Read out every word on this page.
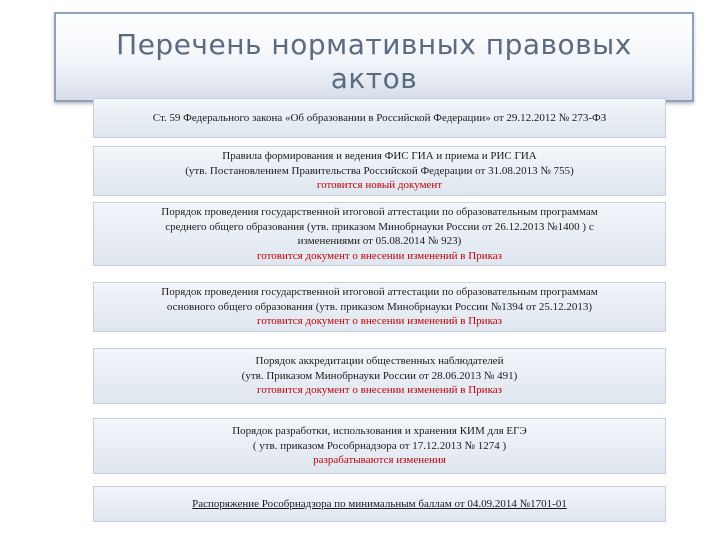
Перечень нормативных правовых
актов
Ст. 59 Федерального закона «Об образовании в Российской Федерации» от 29.12.2012 № 273-ФЗ
Правила формирования и ведения ФИС ГИА и приема и РИС ГИА
(утв. Постановлением Правительства Российской Федерации от 31.08.2013 № 755)
готовится новый документ
Порядок проведения государственной итоговой аттестации по образовательным программам
среднего общего образования (утв. приказом Минобрнауки России от 26.12.2013 №1400 ) с
изменениями от 05.08.2014 № 923)
готовится документ о внесении изменений в Приказ
Порядок проведения государственной итоговой аттестации по образовательным программам
основного общего образования (утв. приказом Минобрнауки России №1394 от 25.12.2013)
готовится документ о внесении изменений в Приказ
Порядок аккредитации общественных наблюдателей
(утв. Приказом Минобрнауки России от 28.06.2013 № 491)
готовится документ о внесении изменений в Приказ
Порядок разработки, использования и хранения КИМ для ЕГЭ
( утв. приказом Рособрнадзора от 17.12.2013 № 1274 )
разрабатываются изменения
Распоряжение Рособрнадзора по минимальным баллам от 04.09.2014 №1701-01
